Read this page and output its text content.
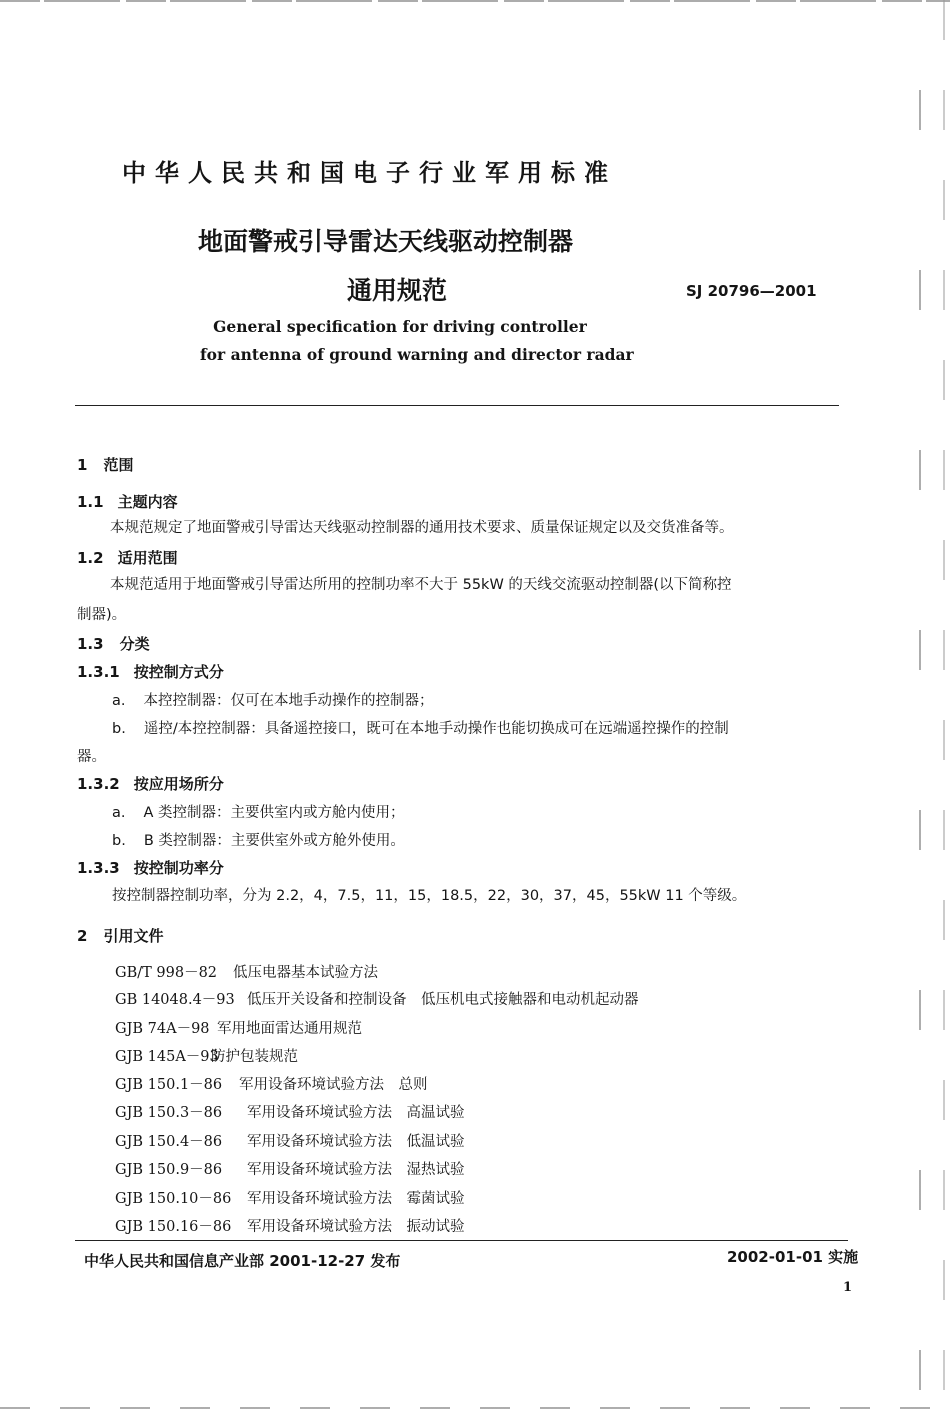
中华人民共和国电子行业军用标准
地面警戒引导雷达天线驱动控制器
通用规范	SJ 20796—2001
General specification for driving controller
for antenna of ground warning and director radar
1 范围
1.1 主题内容
本规范规定了地面警戒引导雷达天线驱动控制器的通用技术要求、质量保证规定以及交货准备等。
1.2 适用范围
本规范适用于地面警戒引导雷达所用的控制功率不大于 55kW 的天线交流驱动控制器(以下简称控
制器)。
1.3 分类
1.3.1 按控制方式分
a. 本控控制器：仅可在本地手动操作的控制器；
b. 遥控/本控控制器：具备遥控接口，既可在本地手动操作也能切换成可在远端遥控操作的控制
器。
1.3.2 按应用场所分
a. A 类控制器：主要供室内或方舱内使用；
b. B 类控制器：主要供室外或方舱外使用。
1.3.3 按控制功率分
按控制器控制功率，分为 2.2，4，7.5，11，15，18.5，22，30，37，45，55kW 11 个等级。
2 引用文件
GB/T 998－82 低压电器基本试验方法
GB 14048.4－93 低压开关设备和控制设备　低压机电式接触器和电动机起动器
GJB 74A－98 军用地面雷达通用规范
GJB 145A－93防护包装规范
GJB 150.1－86 军用设备环境试验方法　总则
GJB 150.3－86 军用设备环境试验方法　高温试验
GJB 150.4－86 军用设备环境试验方法　低温试验
GJB 150.9－86 军用设备环境试验方法　湿热试验
GJB 150.10－86 军用设备环境试验方法　霉菌试验
GJB 150.16－86 军用设备环境试验方法　振动试验
中华人民共和国信息产业部 2001-12-27 发布	2002-01-01 实施
1
